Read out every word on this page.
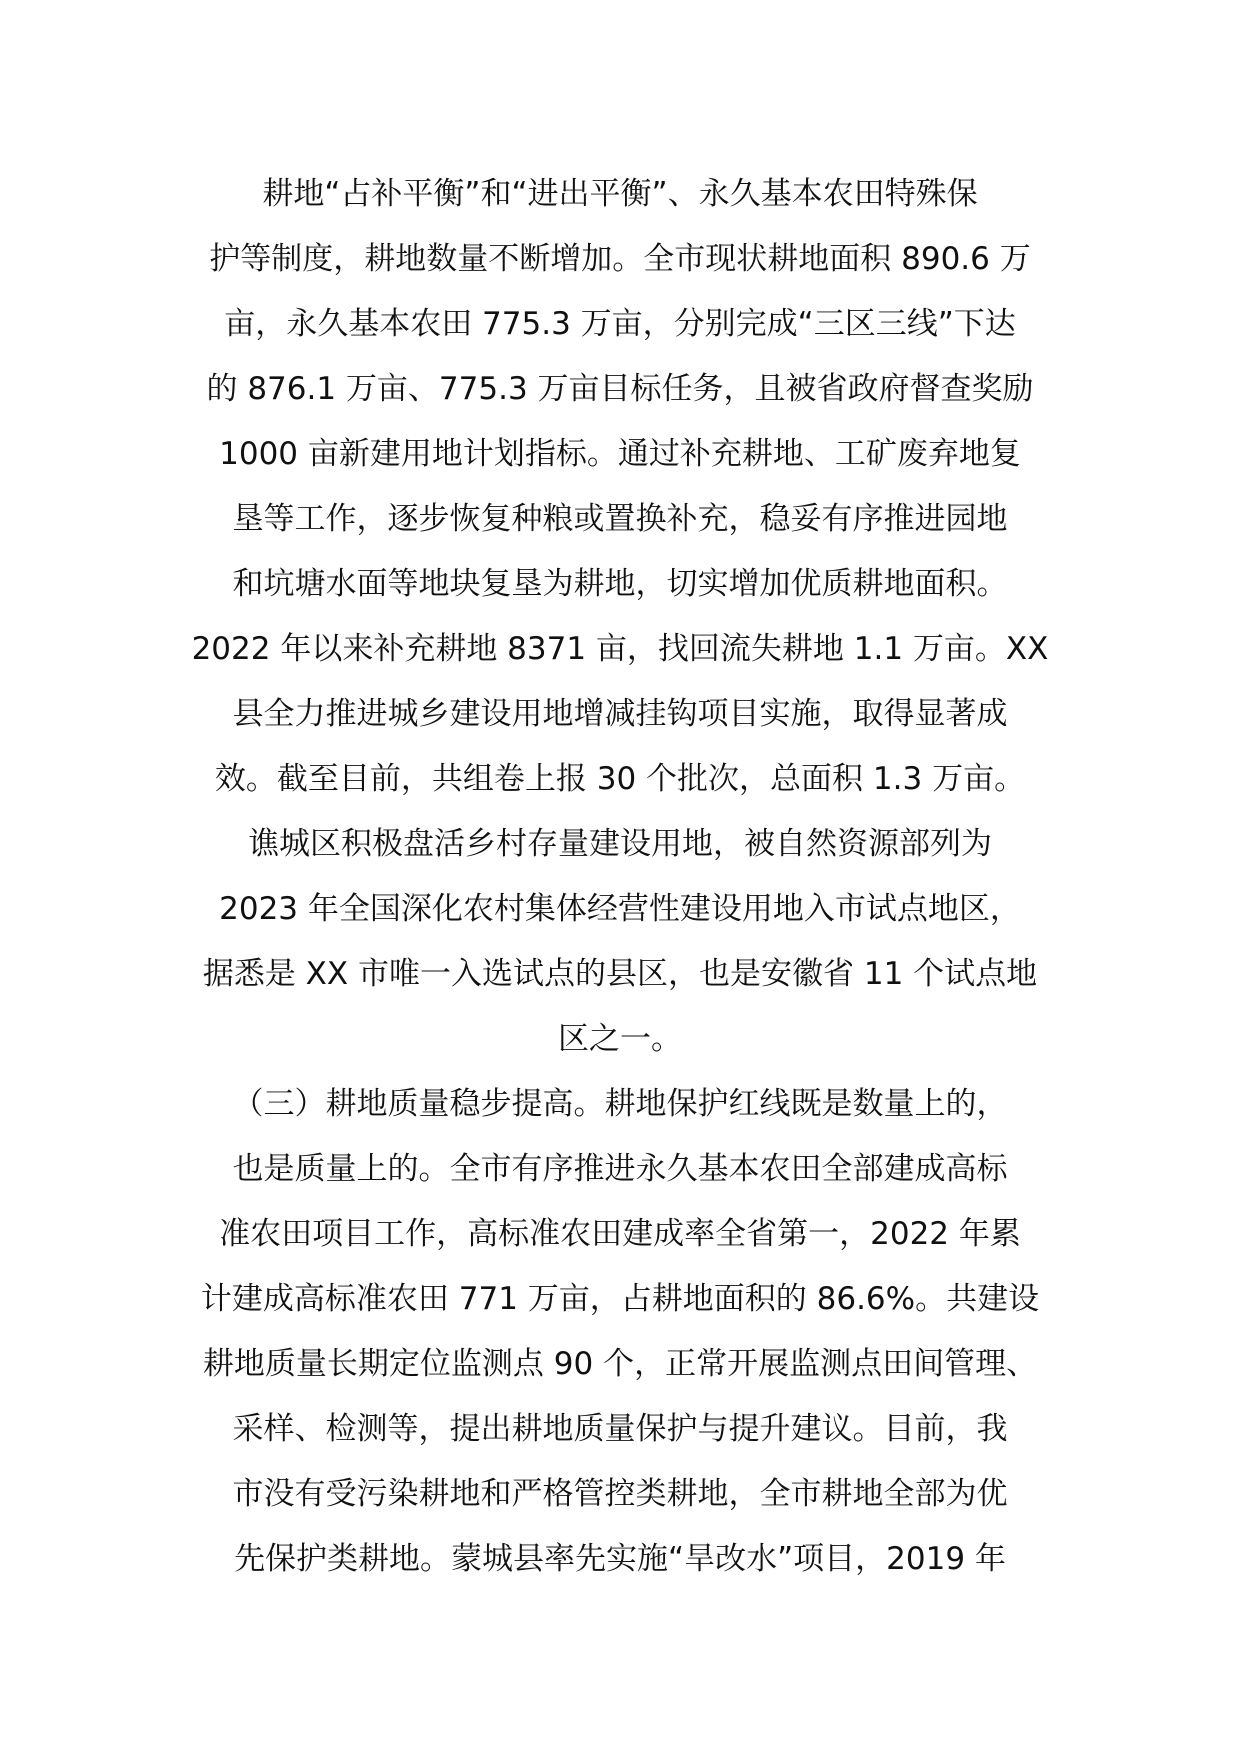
耕地“占补平衡”和“进出平衡”、永久基本农田特殊保
护等制度，耕地数量不断增加。全市现状耕地面积 890.6 万
亩，永久基本农田 775.3 万亩，分别完成“三区三线”下达
的 876.1 万亩、775.3 万亩目标任务，且被省政府督查奖励
1000 亩新建用地计划指标。通过补充耕地、工矿废弃地复
垦等工作，逐步恢复种粮或置换补充，稳妥有序推进园地
和坑塘水面等地块复垦为耕地，切实增加优质耕地面积。
2022 年以来补充耕地 8371 亩，找回流失耕地 1.1 万亩。XX
县全力推进城乡建设用地增减挂钩项目实施，取得显著成
效。截至目前，共组卷上报 30 个批次，总面积 1.3 万亩。
谯城区积极盘活乡村存量建设用地，被自然资源部列为
2023 年全国深化农村集体经营性建设用地入市试点地区，
据悉是 XX 市唯一入选试点的县区，也是安徽省 11 个试点地
区之一。
（三）耕地质量稳步提高。耕地保护红线既是数量上的，
也是质量上的。全市有序推进永久基本农田全部建成高标
准农田项目工作，高标准农田建成率全省第一，2022 年累
计建成高标准农田 771 万亩，占耕地面积的 86.6%。共建设
耕地质量长期定位监测点 90 个，正常开展监测点田间管理、
采样、检测等，提出耕地质量保护与提升建议。目前，我
市没有受污染耕地和严格管控类耕地，全市耕地全部为优
先保护类耕地。蒙城县率先实施“旱改水”项目，2019 年
